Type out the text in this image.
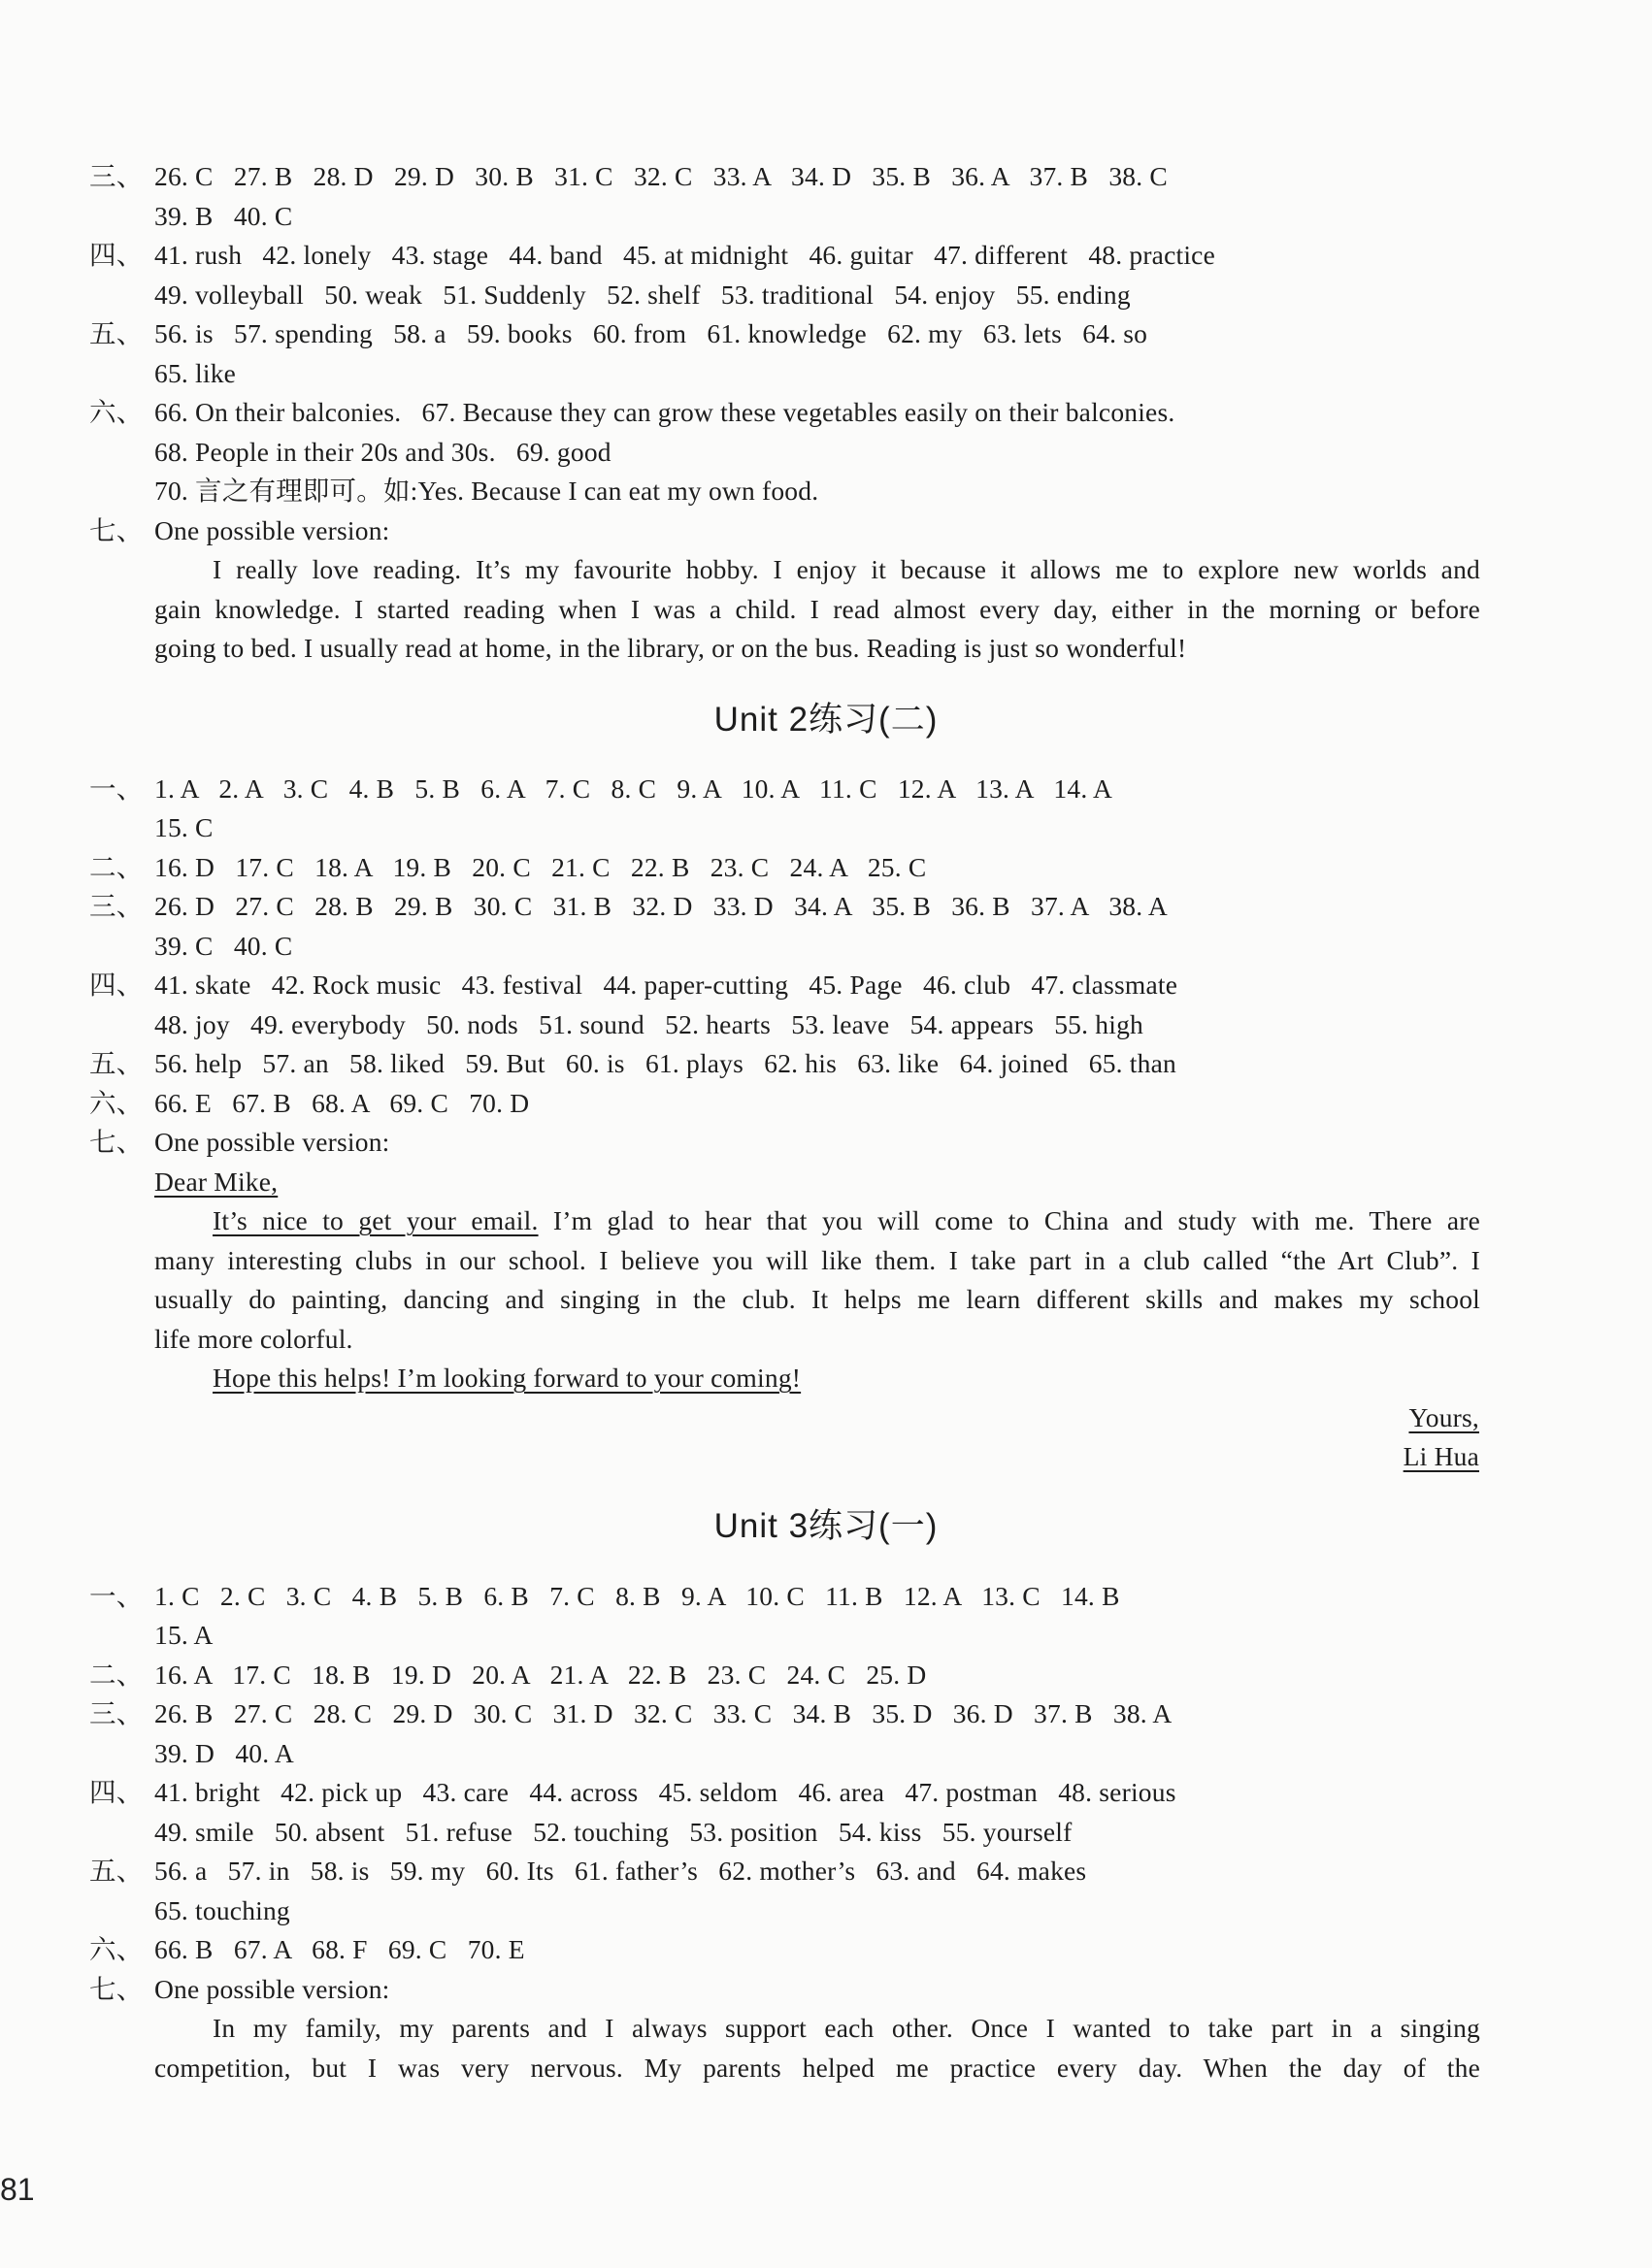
三、 26. C   27. B   28. D   29. D   30. B   31. C   32. C   33. A   34. D   35. B   36. A   37. B   38. C
39. B   40. C
四、 41. rush   42. lonely   43. stage   44. band   45. at midnight   46. guitar   47. different   48. practice
49. volleyball   50. weak   51. Suddenly   52. shelf   53. traditional   54. enjoy   55. ending
五、 56. is   57. spending   58. a   59. books   60. from   61. knowledge   62. my   63. lets   64. so
65. like
六、 66. On their balconies.   67. Because they can grow these vegetables easily on their balconies.
68. People in their 20s and 30s.   69. good
70. 言之有理即可。如:Yes. Because I can eat my own food.
七、 One possible version:
I really love reading. It’s my favourite hobby. I enjoy it because it allows me to explore new worlds and
gain knowledge. I started reading when I was a child. I read almost every day, either in the morning or before
going to bed. I usually read at home, in the library, or on the bus. Reading is just so wonderful!
Unit 2练习(二)
一、 1. A   2. A   3. C   4. B   5. B   6. A   7. C   8. C   9. A   10. A   11. C   12. A   13. A   14. A
15. C
二、 16. D   17. C   18. A   19. B   20. C   21. C   22. B   23. C   24. A   25. C
三、 26. D   27. C   28. B   29. B   30. C   31. B   32. D   33. D   34. A   35. B   36. B   37. A   38. A
39. C   40. C
四、 41. skate   42. Rock music   43. festival   44. paper-cutting   45. Page   46. club   47. classmate
48. joy   49. everybody   50. nods   51. sound   52. hearts   53. leave   54. appears   55. high
五、 56. help   57. an   58. liked   59. But   60. is   61. plays   62. his   63. like   64. joined   65. than
六、 66. E   67. B   68. A   69. C   70. D
七、 One possible version:
Dear Mike,
It’s nice to get your email. I’m glad to hear that you will come to China and study with me. There are
many interesting clubs in our school. I believe you will like them. I take part in a club called “the Art Club”. I
usually do painting, dancing and singing in the club. It helps me learn different skills and makes my school
life more colorful.
Hope this helps! I’m looking forward to your coming!
Yours,
Li Hua
Unit 3练习(一)
一、 1. C   2. C   3. C   4. B   5. B   6. B   7. C   8. B   9. A   10. C   11. B   12. A   13. C   14. B
15. A
二、 16. A   17. C   18. B   19. D   20. A   21. A   22. B   23. C   24. C   25. D
三、 26. B   27. C   28. C   29. D   30. C   31. D   32. C   33. C   34. B   35. D   36. D   37. B   38. A
39. D   40. A
四、 41. bright   42. pick up   43. care   44. across   45. seldom   46. area   47. postman   48. serious
49. smile   50. absent   51. refuse   52. touching   53. position   54. kiss   55. yourself
五、 56. a   57. in   58. is   59. my   60. Its   61. father’s   62. mother’s   63. and   64. makes
65. touching
六、 66. B   67. A   68. F   69. C   70. E
七、 One possible version:
In my family, my parents and I always support each other. Once I wanted to take part in a singing
competition, but I was very nervous. My parents helped me practice every day. When the day of the
81
